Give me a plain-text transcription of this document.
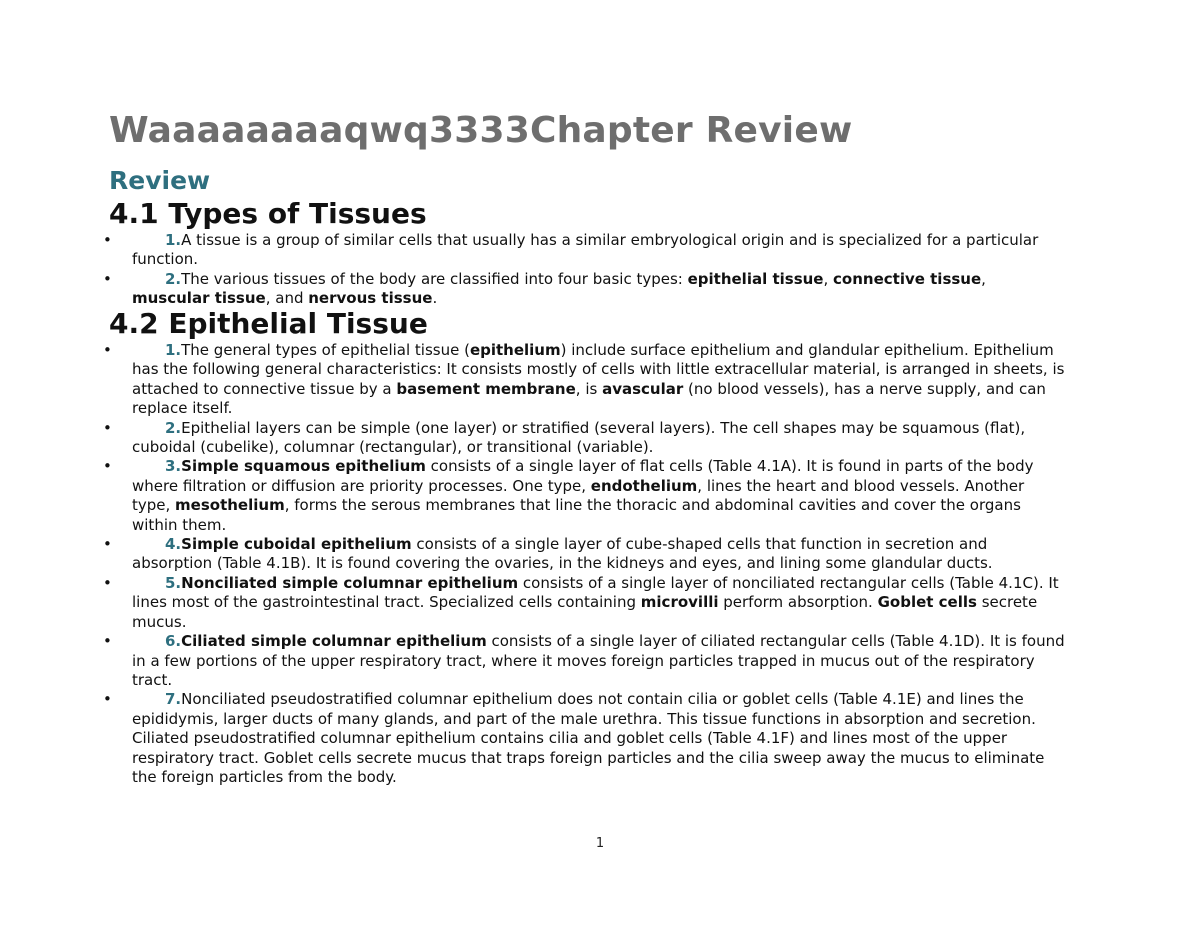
Waaaaaaaaqwq3333Chapter Review
Review
4.1 Types of Tissues
•	1.A tissue is a group of similar cells that usually has a similar embryological origin and is specialized for a particular function.
•	2.The various tissues of the body are classified into four basic types: epithelial tissue, connective tissue, muscular tissue, and nervous tissue.
4.2 Epithelial Tissue
•	1.The general types of epithelial tissue (epithelium) include surface epithelium and glandular epithelium. Epithelium has the following general characteristics: It consists mostly of cells with little extracellular material, is arranged in sheets, is attached to connective tissue by a basement membrane, is avascular (no blood vessels), has a nerve supply, and can replace itself.
•	2.Epithelial layers can be simple (one layer) or stratified (several layers). The cell shapes may be squamous (flat), cuboidal (cubelike), columnar (rectangular), or transitional (variable).
•	3.Simple squamous epithelium consists of a single layer of flat cells (Table 4.1A). It is found in parts of the body where filtration or diffusion are priority processes. One type, endothelium, lines the heart and blood vessels. Another type, mesothelium, forms the serous membranes that line the thoracic and abdominal cavities and cover the organs within them.
•	4.Simple cuboidal epithelium consists of a single layer of cube-shaped cells that function in secretion and absorption (Table 4.1B). It is found covering the ovaries, in the kidneys and eyes, and lining some glandular ducts.
•	5.Nonciliated simple columnar epithelium consists of a single layer of nonciliated rectangular cells (Table 4.1C). It lines most of the gastrointestinal tract. Specialized cells containing microvilli perform absorption. Goblet cells secrete mucus.
•	6.Ciliated simple columnar epithelium consists of a single layer of ciliated rectangular cells (Table 4.1D). It is found in a few portions of the upper respiratory tract, where it moves foreign particles trapped in mucus out of the respiratory tract.
•	7.Nonciliated pseudostratified columnar epithelium does not contain cilia or goblet cells (Table 4.1E) and lines the epididymis, larger ducts of many glands, and part of the male urethra. This tissue functions in absorption and secretion. Ciliated pseudostratified columnar epithelium contains cilia and goblet cells (Table 4.1F) and lines most of the upper respiratory tract. Goblet cells secrete mucus that traps foreign particles and the cilia sweep away the mucus to eliminate the foreign particles from the body.
1
